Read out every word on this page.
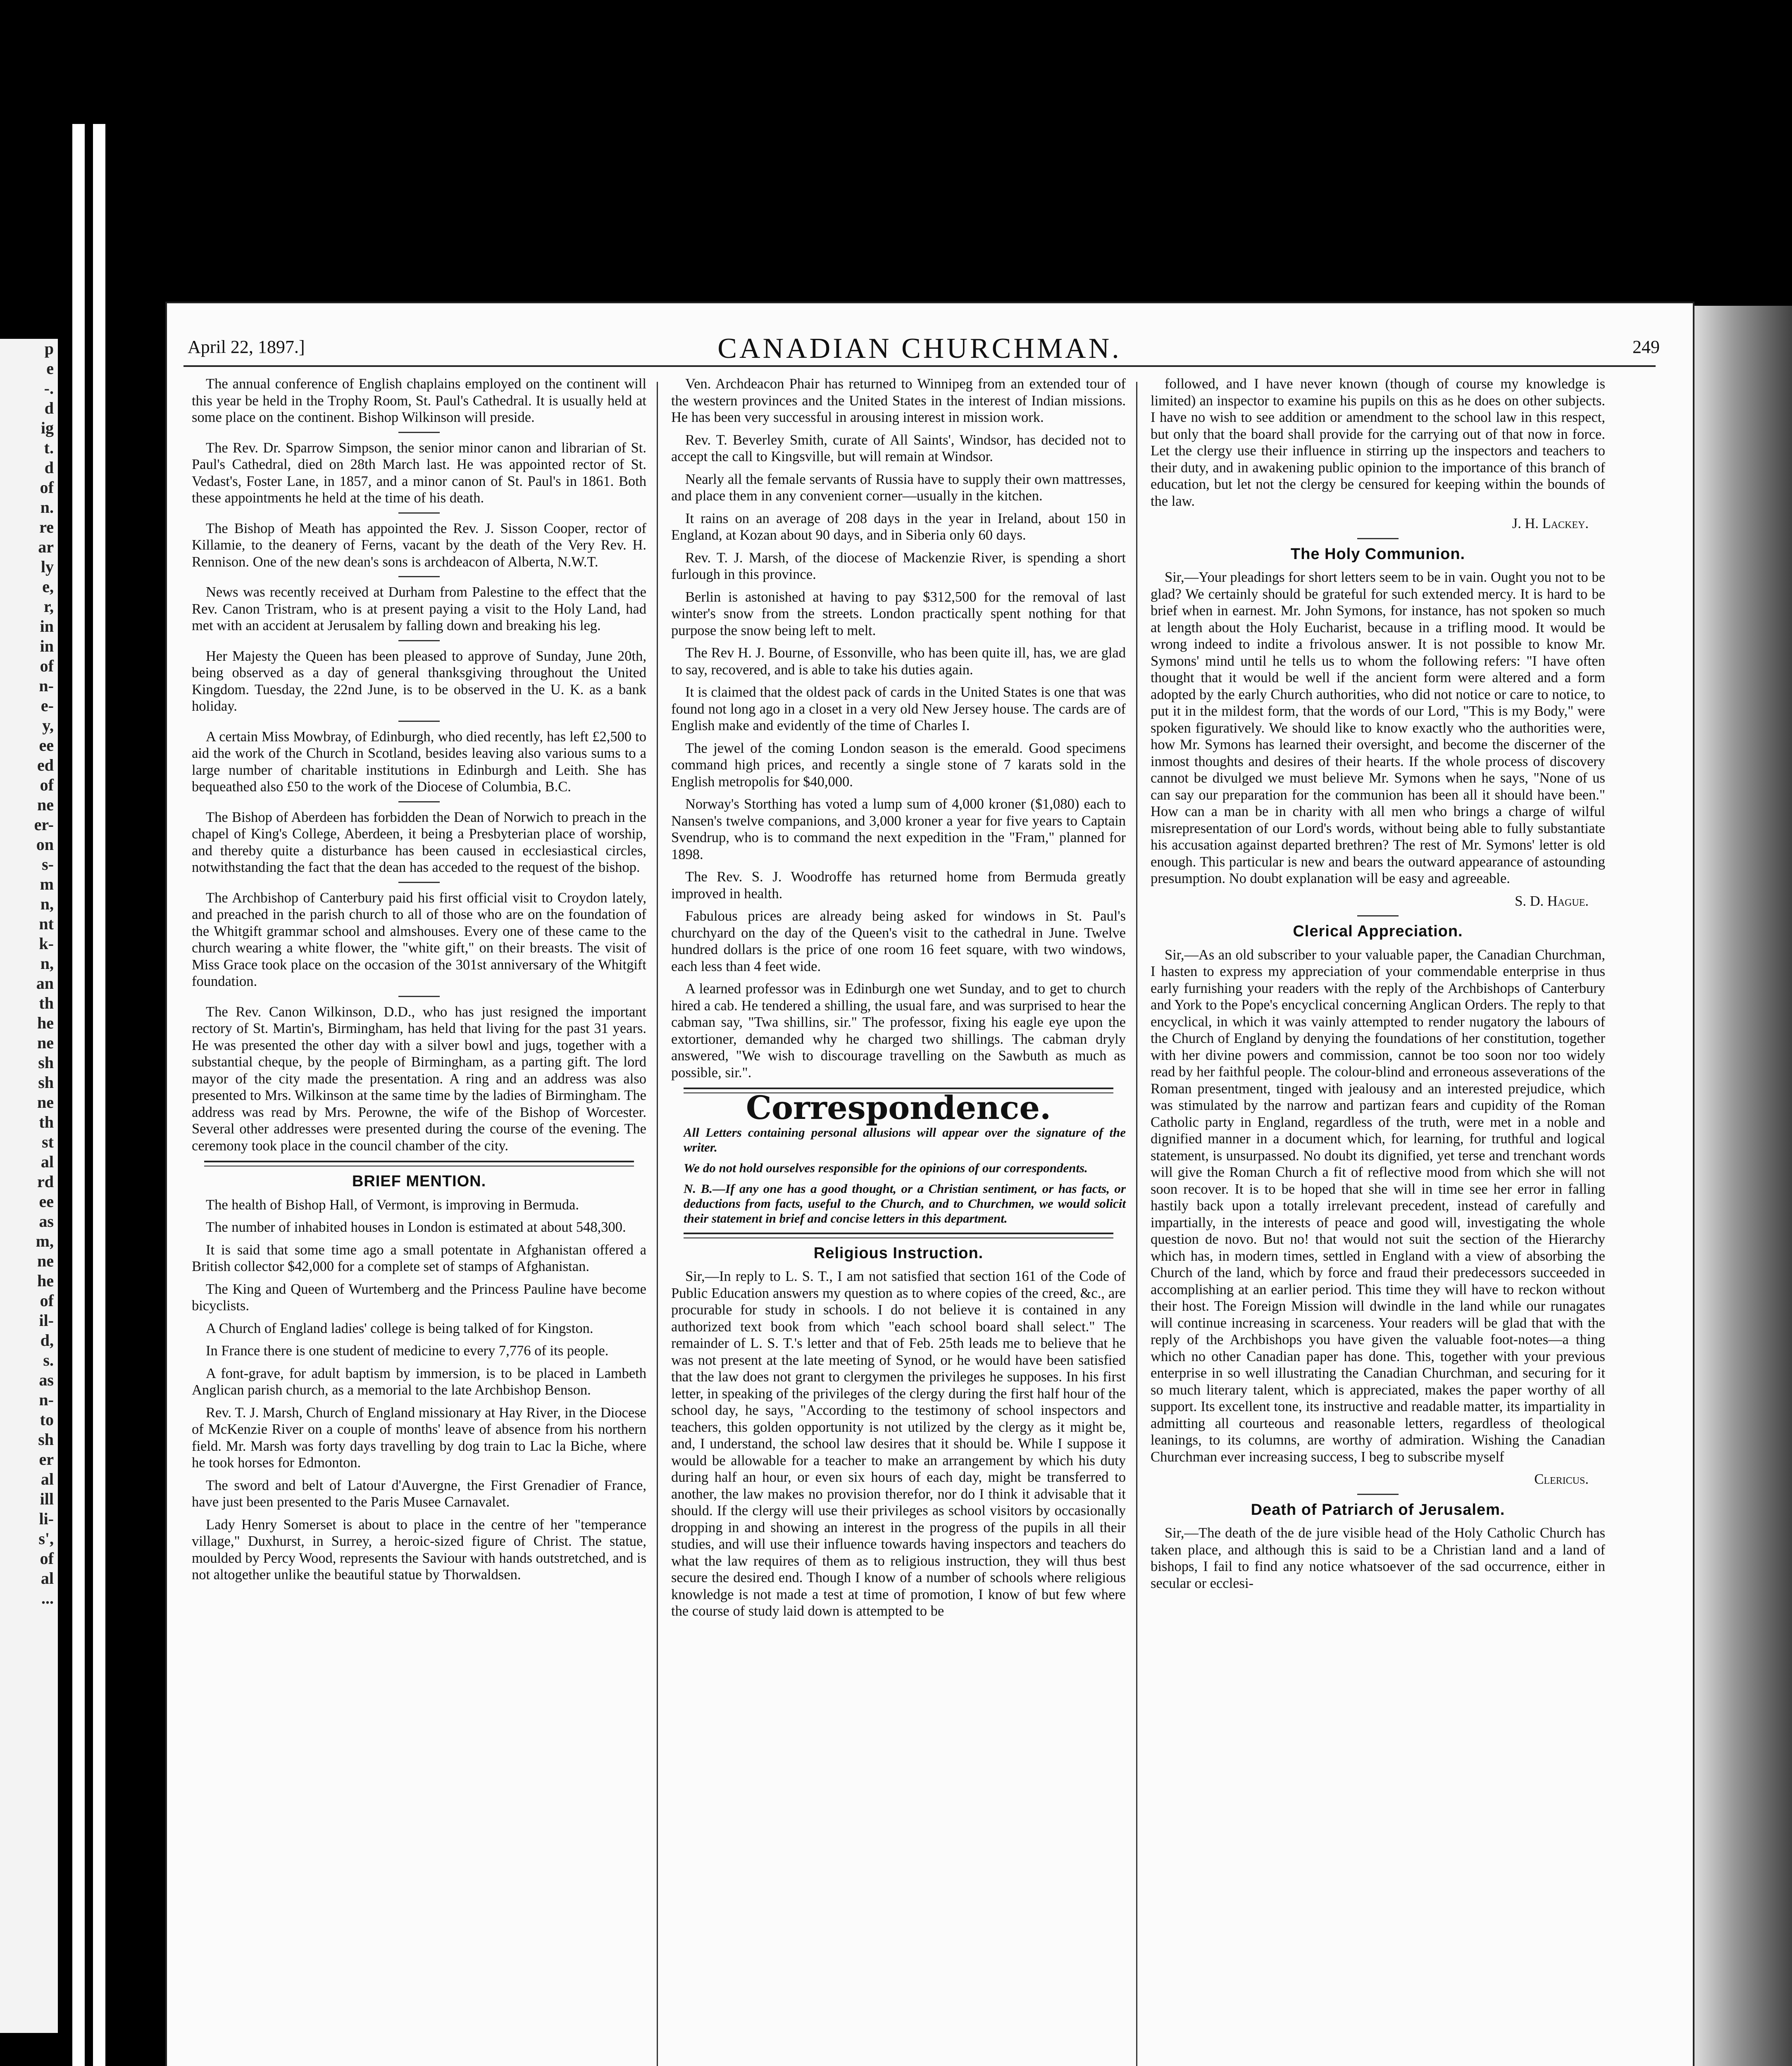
p
e
-.
d
ig
t.
d
of
n.
re
ar
ly
e,
r,
in
in
of
n-
e-
y,
ee
ed
of
ne
er-
on
s-
m
n,
nt
k-
n,
an
th
he
ne
sh
sh
ne
th
st
al
rd
ee
as
m,
ne
he
of
il-
d,
s.
as
n-
to
sh
er
al
ill
li-
s',
of
al
...
April 22, 1897.]	CANADIAN CHURCHMAN.	249

The annual conference of English chaplains employed on the continent will this year be held in the Trophy Room, St. Paul's Cathedral. It is usually held at some place on the continent. Bishop Wilkinson will preside.

The Rev. Dr. Sparrow Simpson, the senior minor canon and librarian of St. Paul's Cathedral, died on 28th March last. He was appointed rector of St. Vedast's, Foster Lane, in 1857, and a minor canon of St. Paul's in 1861. Both these appointments he held at the time of his death.

The Bishop of Meath has appointed the Rev. J. Sisson Cooper, rector of Killamie, to the deanery of Ferns, vacant by the death of the Very Rev. H. Rennison. One of the new dean's sons is archdeacon of Alberta, N.W.T.

News was recently received at Durham from Palestine to the effect that the Rev. Canon Tristram, who is at present paying a visit to the Holy Land, had met with an accident at Jerusalem by falling down and breaking his leg.

Her Majesty the Queen has been pleased to approve of Sunday, June 20th, being observed as a day of general thanksgiving throughout the United Kingdom. Tuesday, the 22nd June, is to be observed in the U. K. as a bank holiday.

A certain Miss Mowbray, of Edinburgh, who died recently, has left £2,500 to aid the work of the Church in Scotland, besides leaving also various sums to a large number of charitable institutions in Edinburgh and Leith. She has bequeathed also £50 to the work of the Diocese of Columbia, B.C.

The Bishop of Aberdeen has forbidden the Dean of Norwich to preach in the chapel of King's College, Aberdeen, it being a Presbyterian place of worship, and thereby quite a disturbance has been caused in ecclesiastical circles, notwithstanding the fact that the dean has acceded to the request of the bishop.

The Archbishop of Canterbury paid his first official visit to Croydon lately, and preached in the parish church to all of those who are on the foundation of the Whitgift grammar school and almshouses. Every one of these came to the church wearing a white flower, the "white gift," on their breasts. The visit of Miss Grace took place on the occasion of the 301st anniversary of the Whitgift foundation.

The Rev. Canon Wilkinson, D.D., who has just resigned the important rectory of St. Martin's, Birmingham, has held that living for the past 31 years. He was presented the other day with a silver bowl and jugs, together with a substantial cheque, by the people of Birmingham, as a parting gift. The lord mayor of the city made the presentation. A ring and an address was also presented to Mrs. Wilkinson at the same time by the ladies of Birmingham. The address was read by Mrs. Perowne, the wife of the Bishop of Worcester. Several other addresses were presented during the course of the evening. The ceremony took place in the council chamber of the city.

BRIEF MENTION.

The health of Bishop Hall, of Vermont, is improving in Bermuda.

The number of inhabited houses in London is estimated at about 548,300.

It is said that some time ago a small potentate in Afghanistan offered a British collector $42,000 for a complete set of stamps of Afghanistan.

The King and Queen of Wurtemberg and the Princess Pauline have become bicyclists.

A Church of England ladies' college is being talked of for Kingston.

In France there is one student of medicine to every 7,776 of its people.

A font-grave, for adult baptism by immersion, is to be placed in Lambeth Anglican parish church, as a memorial to the late Archbishop Benson.

Rev. T. J. Marsh, Church of England missionary at Hay River, in the Diocese of McKenzie River on a couple of months' leave of absence from his northern field. Mr. Marsh was forty days travelling by dog train to Lac la Biche, where he took horses for Edmonton.

The sword and belt of Latour d'Auvergne, the First Grenadier of France, have just been presented to the Paris Musee Carnavalet.

Lady Henry Somerset is about to place in the centre of her "temperance village," Duxhurst, in Surrey, a heroic-sized figure of Christ. The statue, moulded by Percy Wood, represents the Saviour with hands outstretched, and is not altogether unlike the beautiful statue by Thorwaldsen.

Ven. Archdeacon Phair has returned to Winnipeg from an extended tour of the western provinces and the United States in the interest of Indian missions. He has been very successful in arousing interest in mission work.

Rev. T. Beverley Smith, curate of All Saints', Windsor, has decided not to accept the call to Kingsville, but will remain at Windsor.

Nearly all the female servants of Russia have to supply their own mattresses, and place them in any convenient corner—usually in the kitchen.

It rains on an average of 208 days in the year in Ireland, about 150 in England, at Kozan about 90 days, and in Siberia only 60 days.

Rev. T. J. Marsh, of the diocese of Mackenzie River, is spending a short furlough in this province.

Berlin is astonished at having to pay $312,500 for the removal of last winter's snow from the streets. London practically spent nothing for that purpose the snow being left to melt.

The Rev H. J. Bourne, of Essonville, who has been quite ill, has, we are glad to say, recovered, and is able to take his duties again.

It is claimed that the oldest pack of cards in the United States is one that was found not long ago in a closet in a very old New Jersey house. The cards are of English make and evidently of the time of Charles I.

The jewel of the coming London season is the emerald. Good specimens command high prices, and recently a single stone of 7 karats sold in the English metropolis for $40,000.

Norway's Storthing has voted a lump sum of 4,000 kroner ($1,080) each to Nansen's twelve companions, and 3,000 kroner a year for five years to Captain Svendrup, who is to command the next expedition in the "Fram," planned for 1898.

The Rev. S. J. Woodroffe has returned home from Bermuda greatly improved in health.

Fabulous prices are already being asked for windows in St. Paul's churchyard on the day of the Queen's visit to the cathedral in June. Twelve hundred dollars is the price of one room 16 feet square, with two windows, each less than 4 feet wide.

A learned professor was in Edinburgh one wet Sunday, and to get to church hired a cab. He tendered a shilling, the usual fare, and was surprised to hear the cabman say, "Twa shillins, sir." The professor, fixing his eagle eye upon the extortioner, demanded why he charged two shillings. The cabman dryly answered, "We wish to discourage travelling on the Sawbuth as much as possible, sir.".

Correspondence.

All Letters containing personal allusions will appear over the signature of the writer.

We do not hold ourselves responsible for the opinions of our correspondents.

N. B.—If any one has a good thought, or a Christian sentiment, or has facts, or deductions from facts, useful to the Church, and to Churchmen, we would solicit their statement in brief and concise letters in this department.

Religious Instruction.

Sir,—In reply to L. S. T., I am not satisfied that section 161 of the Code of Public Education answers my question as to where copies of the creed, &c., are procurable for study in schools. I do not believe it is contained in any authorized text book from which "each school board shall select." The remainder of L. S. T.'s letter and that of Feb. 25th leads me to believe that he was not present at the late meeting of Synod, or he would have been satisfied that the law does not grant to clergymen the privileges he supposes. In his first letter, in speaking of the privileges of the clergy during the first half hour of the school day, he says, "According to the testimony of school inspectors and teachers, this golden opportunity is not utilized by the clergy as it might be, and, I understand, the school law desires that it should be. While I suppose it would be allowable for a teacher to make an arrangement by which his duty during half an hour, or even six hours of each day, might be transferred to another, the law makes no provision therefor, nor do I think it advisable that it should. If the clergy will use their privileges as school visitors by occasionally dropping in and showing an interest in the progress of the pupils in all their studies, and will use their influence towards having inspectors and teachers do what the law requires of them as to religious instruction, they will thus best secure the desired end. Though I know of a number of schools where religious knowledge is not made a test at time of promotion, I know of but few where the course of study laid down is attempted to be

followed, and I have never known (though of course my knowledge is limited) an inspector to examine his pupils on this as he does on other subjects. I have no wish to see addition or amendment to the school law in this respect, but only that the board shall provide for the carrying out of that now in force. Let the clergy use their influence in stirring up the inspectors and teachers to their duty, and in awakening public opinion to the importance of this branch of education, but let not the clergy be censured for keeping within the bounds of the law.

J. H. Lackey.

The Holy Communion.

Sir,—Your pleadings for short letters seem to be in vain. Ought you not to be glad? We certainly should be grateful for such extended mercy. It is hard to be brief when in earnest. Mr. John Symons, for instance, has not spoken so much at length about the Holy Eucharist, because in a trifling mood. It would be wrong indeed to indite a frivolous answer. It is not possible to know Mr. Symons' mind until he tells us to whom the following refers: "I have often thought that it would be well if the ancient form were altered and a form adopted by the early Church authorities, who did not notice or care to notice, to put it in the mildest form, that the words of our Lord, "This is my Body," were spoken figuratively. We should like to know exactly who the authorities were, how Mr. Symons has learned their oversight, and become the discerner of the inmost thoughts and desires of their hearts. If the whole process of discovery cannot be divulged we must believe Mr. Symons when he says, "None of us can say our preparation for the communion has been all it should have been." How can a man be in charity with all men who brings a charge of wilful misrepresentation of our Lord's words, without being able to fully substantiate his accusation against departed brethren? The rest of Mr. Symons' letter is old enough. This particular is new and bears the outward appearance of astounding presumption. No doubt explanation will be easy and agreeable.

S. D. Hague.

Clerical Appreciation.

Sir,—As an old subscriber to your valuable paper, the Canadian Churchman, I hasten to express my appreciation of your commendable enterprise in thus early furnishing your readers with the reply of the Archbishops of Canterbury and York to the Pope's encyclical concerning Anglican Orders. The reply to that encyclical, in which it was vainly attempted to render nugatory the labours of the Church of England by denying the foundations of her constitution, together with her divine powers and commission, cannot be too soon nor too widely read by her faithful people. The colour-blind and erroneous asseverations of the Roman presentment, tinged with jealousy and an interested prejudice, which was stimulated by the narrow and partizan fears and cupidity of the Roman Catholic party in England, regardless of the truth, were met in a noble and dignified manner in a document which, for learning, for truthful and logical statement, is unsurpassed. No doubt its dignified, yet terse and trenchant words will give the Roman Church a fit of reflective mood from which she will not soon recover. It is to be hoped that she will in time see her error in falling hastily back upon a totally irrelevant precedent, instead of carefully and impartially, in the interests of peace and good will, investigating the whole question de novo. But no! that would not suit the section of the Hierarchy which has, in modern times, settled in England with a view of absorbing the Church of the land, which by force and fraud their predecessors succeeded in accomplishing at an earlier period. This time they will have to reckon without their host. The Foreign Mission will dwindle in the land while our runagates will continue increasing in scarceness. Your readers will be glad that with the reply of the Archbishops you have given the valuable foot-notes—a thing which no other Canadian paper has done. This, together with your previous enterprise in so well illustrating the Canadian Churchman, and securing for it so much literary talent, which is appreciated, makes the paper worthy of all support. Its excellent tone, its instructive and readable matter, its impartiality in admitting all courteous and reasonable letters, regardless of theological leanings, to its columns, are worthy of admiration. Wishing the Canadian Churchman ever increasing success, I beg to subscribe myself

Clericus.

Death of Patriarch of Jerusalem.

Sir,—The death of the de jure visible head of the Holy Catholic Church has taken place, and although this is said to be a Christian land and a land of bishops, I fail to find any notice whatsoever of the sad occurrence, either in secular or ecclesi-
